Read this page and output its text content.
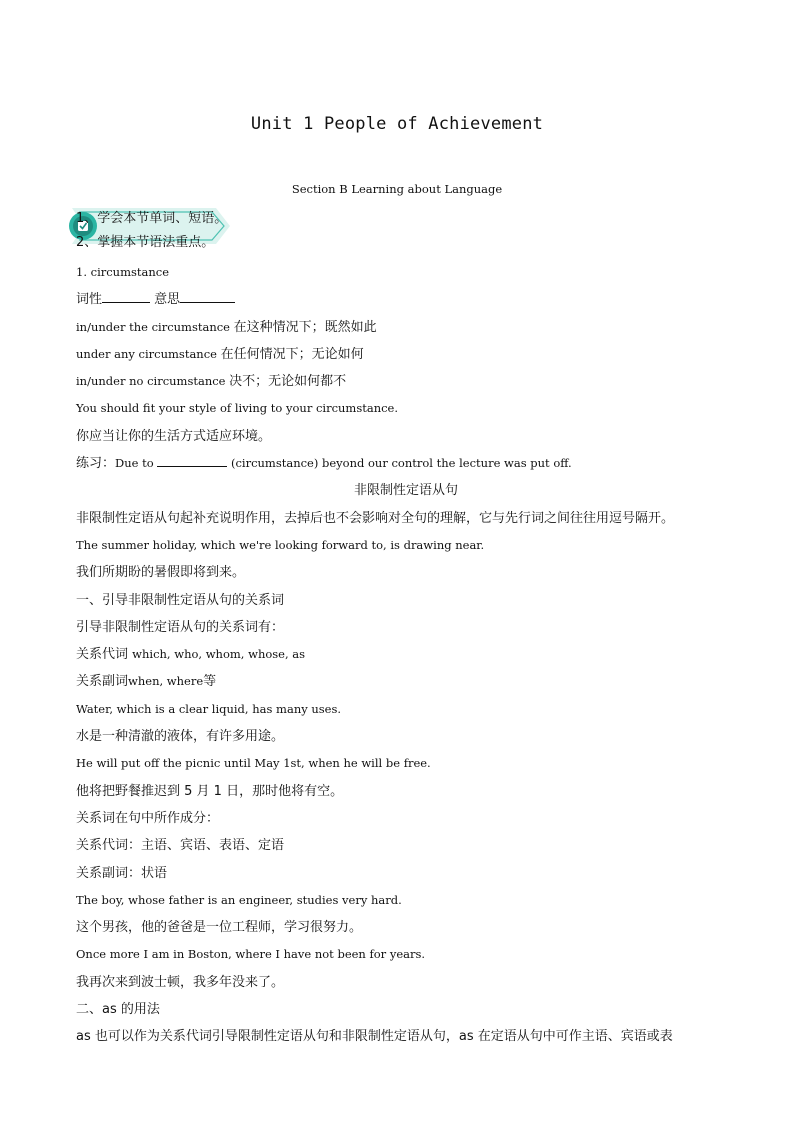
Unit 1 People of Achievement
Section B Learning about Language
1、学会本节单词、短语。
2、掌握本节语法重点。

1. circumstance

词性	意思

in/under the circumstance 在这种情况下；既然如此

under any circumstance 在任何情况下；无论如何

in/under no circumstance 决不；无论如何都不

You should fit your style of living to your circumstance.

你应当让你的生活方式适应环境。

练习：Due to	(circumstance) beyond our control the lecture was put off.

非限制性定语从句

非限制性定语从句起补充说明作用，去掉后也不会影响对全句的理解，它与先行词之间往往用逗号隔开。

The summer holiday, which we're looking forward to, is drawing near.

我们所期盼的暑假即将到来。

一、引导非限制性定语从句的关系词

引导非限制性定语从句的关系词有：

关系代词 which, who, whom, whose, as

关系副词when, where等

Water, which is a clear liquid, has many uses.

水是一种清澈的液体，有许多用途。

He will put off the picnic until May 1st, when he will be free.

他将把野餐推迟到 5 月 1 日，那时他将有空。

关系词在句中所作成分：

关系代词：主语、宾语、表语、定语

关系副词：状语

The boy, whose father is an engineer, studies very hard.

这个男孩，他的爸爸是一位工程师，学习很努力。

Once more I am in Boston, where I have not been for years.

我再次来到波士顿，我多年没来了。

二、as 的用法

as 也可以作为关系代词引导限制性定语从句和非限制性定语从句，as 在定语从句中可作主语、宾语或表
